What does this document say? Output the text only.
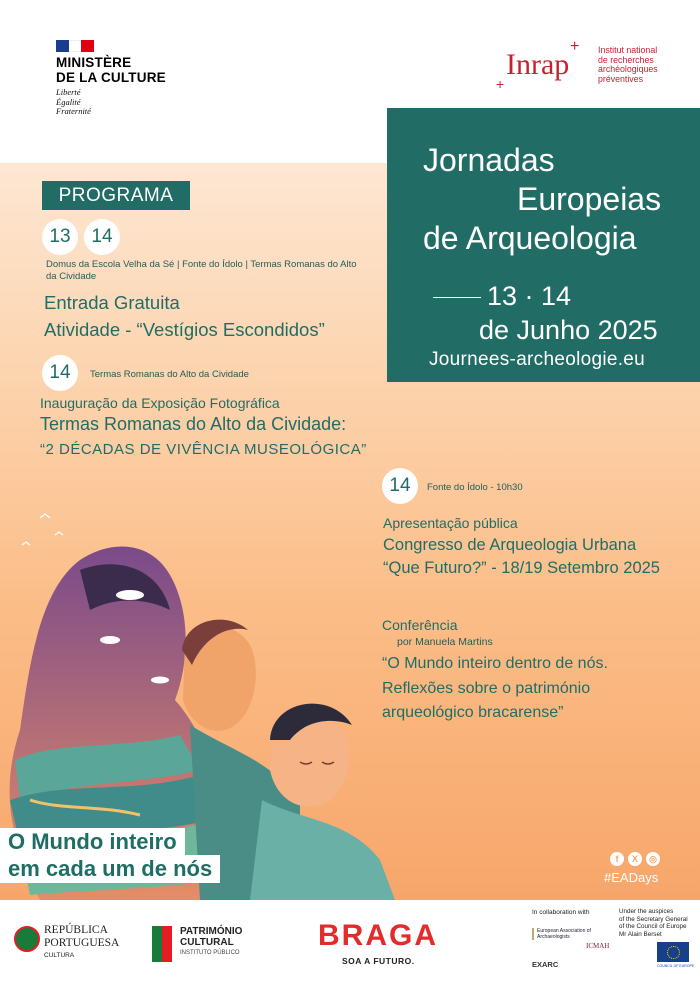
MINISTÈRE
DE LA CULTURE
Liberté
Égalité
Fraternité
Inrap
+
+
Institut national
de recherches
archéologiques
préventives
Jornadas
Europeias
de Arqueologia
13 · 14
de Junho 2025
Journees-archeologie.eu
PROGRAMA
13	14
Domus da Escola Velha da Sé | Fonte do Ídolo | Termas Romanas do Alto da Cividade
Entrada Gratuita
Atividade - “Vestígios Escondidos”
14	Termas Romanas do Alto da Cividade
Inauguração da Exposição Fotográfica
Termas Romanas do Alto da Cividade:
“2 DÉCADAS DE VIVÊNCIA MUSEOLÓGICA”
14	Fonte do Ídolo - 10h30
Apresentação pública
Congresso de Arqueologia Urbana
“Que Futuro?” - 18/19 Setembro 2025
Conferência
por Manuela Martins
“O Mundo inteiro dentro de nós.
Reflexões sobre o património
arqueológico bracarense”
O Mundo inteiro
em cada um de nós	f	X	◎
#EADays
REPÚBLICA
PORTUGUESA
CULTURA
PATRIMÓNIO
CULTURAL
INSTITUTO PÚBLICO
BRAGA
SOA A FUTURO.
In collaboration with
European Association of Archaeologists
ICMAH
EXARC
Under the auspices
of the Secretary General
of the Council of Europe
Mr Alain Berset
COUNCIL OF EUROPE
